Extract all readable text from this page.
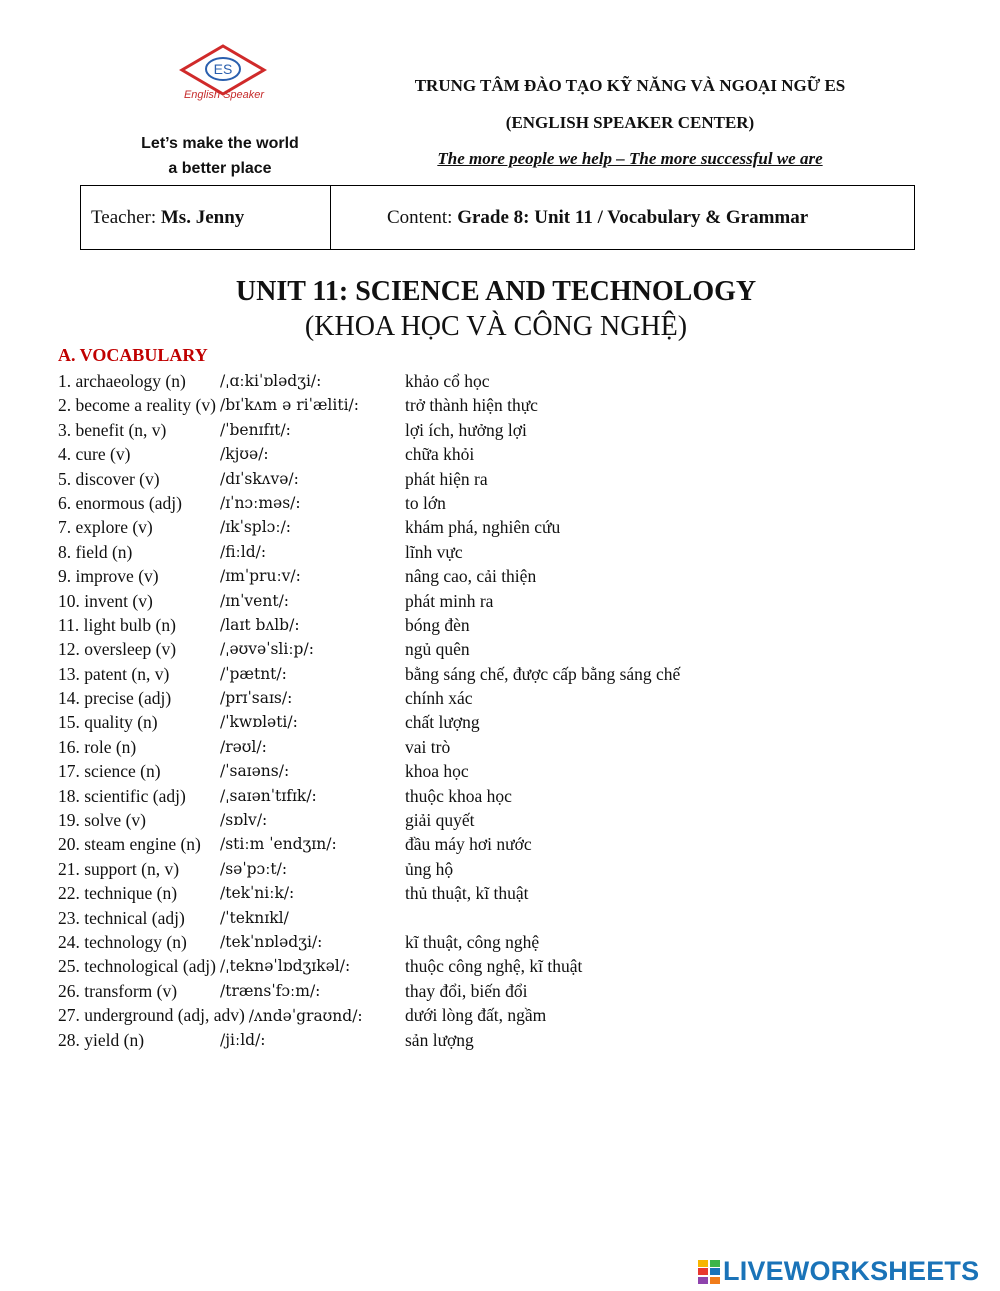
ES
English Speaker
Let’s make the world
a better place
TRUNG TÂM ĐÀO TẠO KỸ NĂNG VÀ NGOẠI NGỮ ES
(ENGLISH SPEAKER CENTER)
The more people we help – The more successful we are
Teacher:
Ms. Jenny	Content:
Grade 8: Unit 11 / Vocabulary & Grammar
UNIT 11: SCIENCE AND TECHNOLOGY
(KHOA HỌC VÀ CÔNG NGHỆ)
A. VOCABULARY
1. archaeology (n) /ˌɑːkiˈɒlədʒi/:	khảo cổ học
2. become a reality (v) /bɪˈkʌm ə riˈæliti/:	trở thành hiện thực
3. benefit (n, v)	/ˈbenɪfɪt/:	lợi ích, hưởng lợi
4. cure (v)	/kjʊə/:	chữa khỏi
5. discover (v)	/dɪˈskʌvə/:	phát hiện ra
6. enormous (adj) /ɪˈnɔːməs/:	to lớn
7. explore (v)	/ɪkˈsplɔː/:	khám phá, nghiên cứu
8. field (n)	/fiːld/:	lĩnh vực
9. improve (v)	/ɪmˈpruːv/:	nâng cao, cải thiện
10. invent (v)	/ɪnˈvent/:	phát minh ra
11. light bulb (n)	/laɪt bʌlb/:	bóng đèn
12. oversleep (v)	/ˌəʊvəˈsliːp/:	ngủ quên
13. patent (n, v)	/ˈpætnt/:	bằng sáng chế, được cấp bằng sáng chế
14. precise (adj)	/prɪˈsaɪs/:	chính xác
15. quality (n)	/ˈkwɒləti/:	chất lượng
16. role (n)	/rəʊl/:	vai trò
17. science (n)	/ˈsaɪəns/:	khoa học
18. scientific (adj) /ˌsaɪənˈtɪfɪk/:	thuộc khoa học
19. solve (v)	/sɒlv/:	giải quyết
20. steam engine (n) /stiːm ˈendʒɪn/:	đầu máy hơi nước
21. support (n, v)	/səˈpɔːt/:	ủng hộ
22. technique (n)	/tekˈniːk/:	thủ thuật, kĩ thuật
23. technical (adj) /ˈteknɪkl/
24. technology (n) /tekˈnɒlədʒi/:	kĩ thuật, công nghệ
25. technological (adj) /ˌteknəˈlɒdʒɪkəl/:	thuộc công nghệ, kĩ thuật
26. transform (v)	/trænsˈfɔːm/:	thay đổi, biến đổi
27. underground (adj, adv) /ʌndəˈgraʊnd/: dưới lòng đất, ngầm
28. yield (n)	/jiːld/:	sản lượng
LIVEWORKSHEETS
